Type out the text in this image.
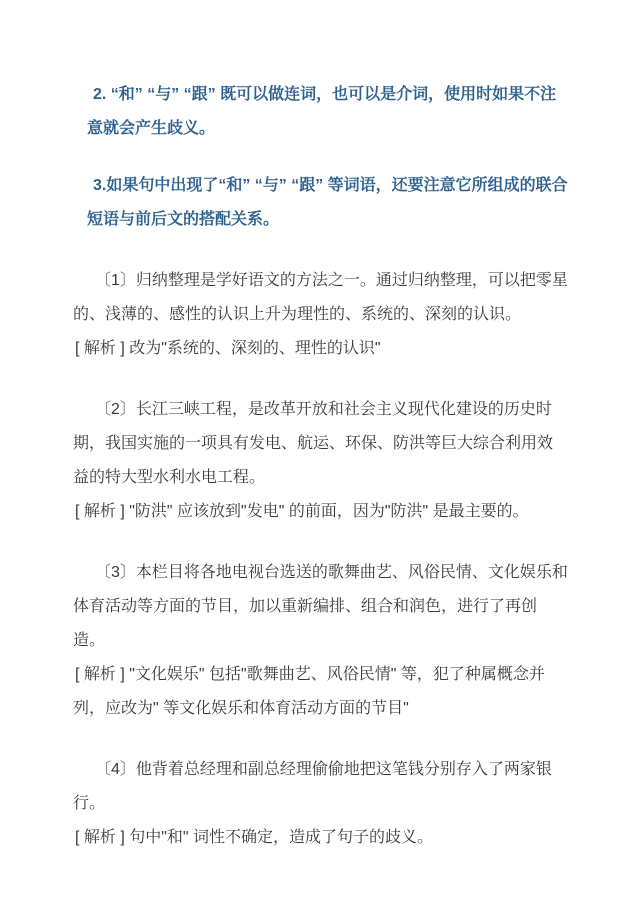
2. “和” “与” “跟” 既可以做连词，也可以是介词，使用时如果不注意就会产生歧义。

3.如果句中出现了“和” “与” “跟” 等词语，还要注意它所组成的联合短语与前后文的搭配关系。

〔1〕归纳整理是学好语文的方法之一。通过归纳整理，可以把零星的、浅薄的、感性的认识上升为理性的、系统的、深刻的认识。

[ 解析 ] 改为"系统的、深刻的、理性的认识"

〔2〕长江三峡工程，是改革开放和社会主义现代化建设的历史时期，我国实施的一项具有发电、航运、环保、防洪等巨大综合利用效益的特大型水利水电工程。

[ 解析 ] "防洪" 应该放到"发电" 的前面，因为"防洪" 是最主要的。

〔3〕本栏目将各地电视台选送的歌舞曲艺、风俗民情、文化娱乐和体育活动等方面的节目，加以重新编排、组合和润色，进行了再创造。

[ 解析 ] "文化娱乐" 包括"歌舞曲艺、风俗民情" 等，犯了种属概念并列，应改为" 等文化娱乐和体育活动方面的节目"

〔4〕他背着总经理和副总经理偷偷地把这笔钱分别存入了两家银行。

[ 解析 ] 句中"和" 词性不确定，造成了句子的歧义。
